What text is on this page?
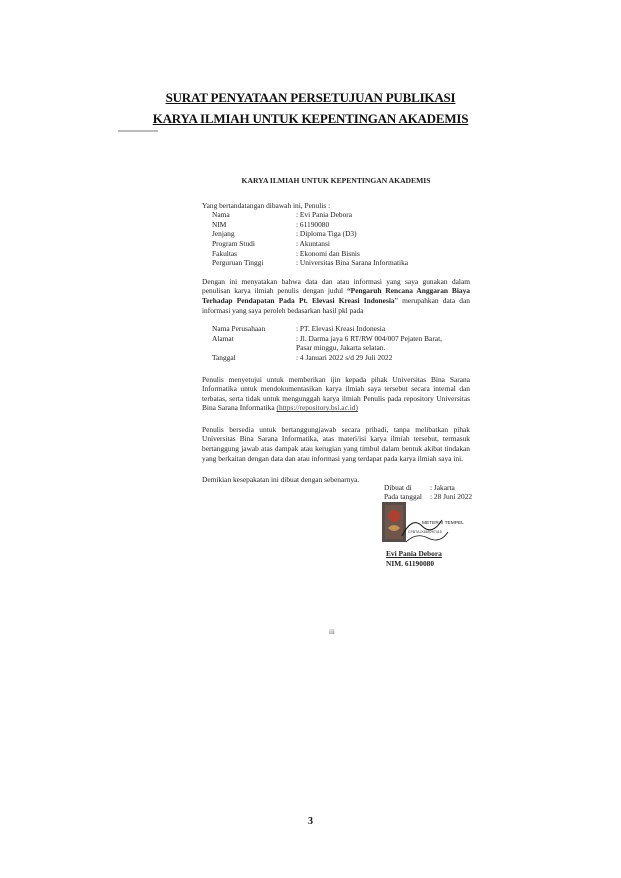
SURAT PENYATAAN PERSETUJUAN PUBLIKASI
KARYA ILMIAH UNTUK KEPENTINGAN AKADEMIS
KARYA ILMIAH UNTUK KEPENTINGAN AKADEMIS
Yang bertandatangan dibawah ini, Penulis :
Nama	: Evi Pania Debora
NIM	: 61190080
Jenjang	: Diploma Tiga (D3)
Program Studi	: Akuntansi
Fakultas	: Ekonomi dan Bisnis
Perguruan Tinggi	: Universitas Bina Sarana Informatika
Dengan ini menyatakan bahwa data dan atau informasi yang saya gunakan dalam penulisan karya ilmiah penulis dengan judul “Pengaruh Rencana Anggaran Biaya Terhadap Pendapatan Pada Pt. Elevasi Kreasi Indonesia” merupahkan data dan informasi yang saya peroleh bedasarkan hasil pkl pada
Nama Perusahaan	: PT. Elevasi Kreasi Indonesia
Alamat	: Jl. Darma jaya 6 RT/RW 004/007 Pejaten Barat,
Pasar minggu, Jakarta selatan.
Tanggal	: 4 Januari 2022 s/d 29 Juli 2022
Penulis menyetujui untuk memberikan ijin kepada pihak Universitas Bina Sarana Informatika untuk mendokumentasikan karya ilmiah saya tersebut secara internal dan terbatas, serta tidak untuk mengunggah karya ilmiah Penulis pada repository Universitas Bina Sarana Informatika (https://repository.bsi.ac.id)
Penulis bersedia untuk bertanggungjawab secara pribadi, tanpa melibatkan pihak Universitas Bina Sarana Informatika, atas materi/isi karya ilmiah tersebut, termasuk bertanggung jawab atas dampak atau kerugian yang timbul dalam bentuk akibat tindakan yang berkaitan dengan data dan atau informasi yang terdapat pada karya ilmiah saya ini.
Demikian kesepakatan ini dibuat dengan sebenarnya.
Dibuat di	: Jakarta
Pada tanggal	: 28 Juni 2022
METERAI TEMPEL
CFB7AJX665297415
Evi Pania Debora
NIM. 61190080
iii
3
